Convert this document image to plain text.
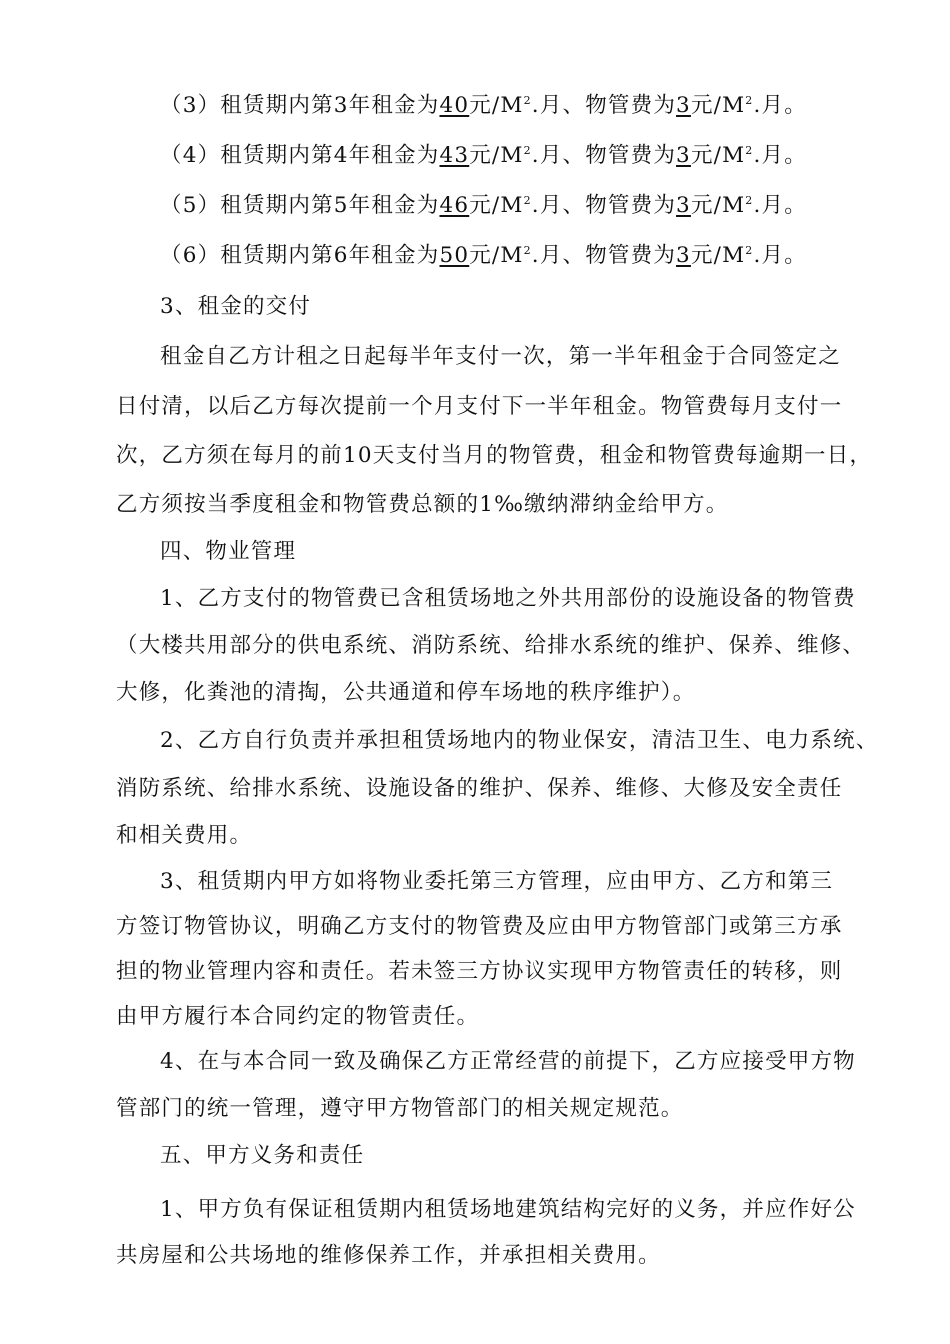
（3）租赁期内第3年租金为40元$/M^2$.月、物管费为3元$/M^2$.月。
（4）租赁期内第4年租金为43元$/M^2$.月、物管费为3元$/M^2$.月。
（5）租赁期内第5年租金为46元$/M^2$.月、物管费为3元$/M^2$.月。
（6）租赁期内第6年租金为50元$/M^2$.月、物管费为3元$/M^2$.月。
3、租金的交付
租金自乙方计租之日起每半年支付一次，第一半年租金于合同签定之
日付清，以后乙方每次提前一个月支付下一半年租金。物管费每月支付一
次，乙方须在每月的前10天支付当月的物管费，租金和物管费每逾期一日，
乙方须按当季度租金和物管费总额的1‰缴纳滞纳金给甲方。
四、物业管理
1、乙方支付的物管费已含租赁场地之外共用部份的设施设备的物管费
（大楼共用部分的供电系统、消防系统、给排水系统的维护、保养、维修、
大修，化粪池的清掏，公共通道和停车场地的秩序维护）。
2、乙方自行负责并承担租赁场地内的物业保安，清洁卫生、电力系统、
消防系统、给排水系统、设施设备的维护、保养、维修、大修及安全责任
和相关费用。
3、租赁期内甲方如将物业委托第三方管理，应由甲方、乙方和第三
方签订物管协议，明确乙方支付的物管费及应由甲方物管部门或第三方承
担的物业管理内容和责任。若未签三方协议实现甲方物管责任的转移，则
由甲方履行本合同约定的物管责任。
4、在与本合同一致及确保乙方正常经营的前提下，乙方应接受甲方物
管部门的统一管理，遵守甲方物管部门的相关规定规范。
五、甲方义务和责任
1、甲方负有保证租赁期内租赁场地建筑结构完好的义务，并应作好公
共房屋和公共场地的维修保养工作，并承担相关费用。
